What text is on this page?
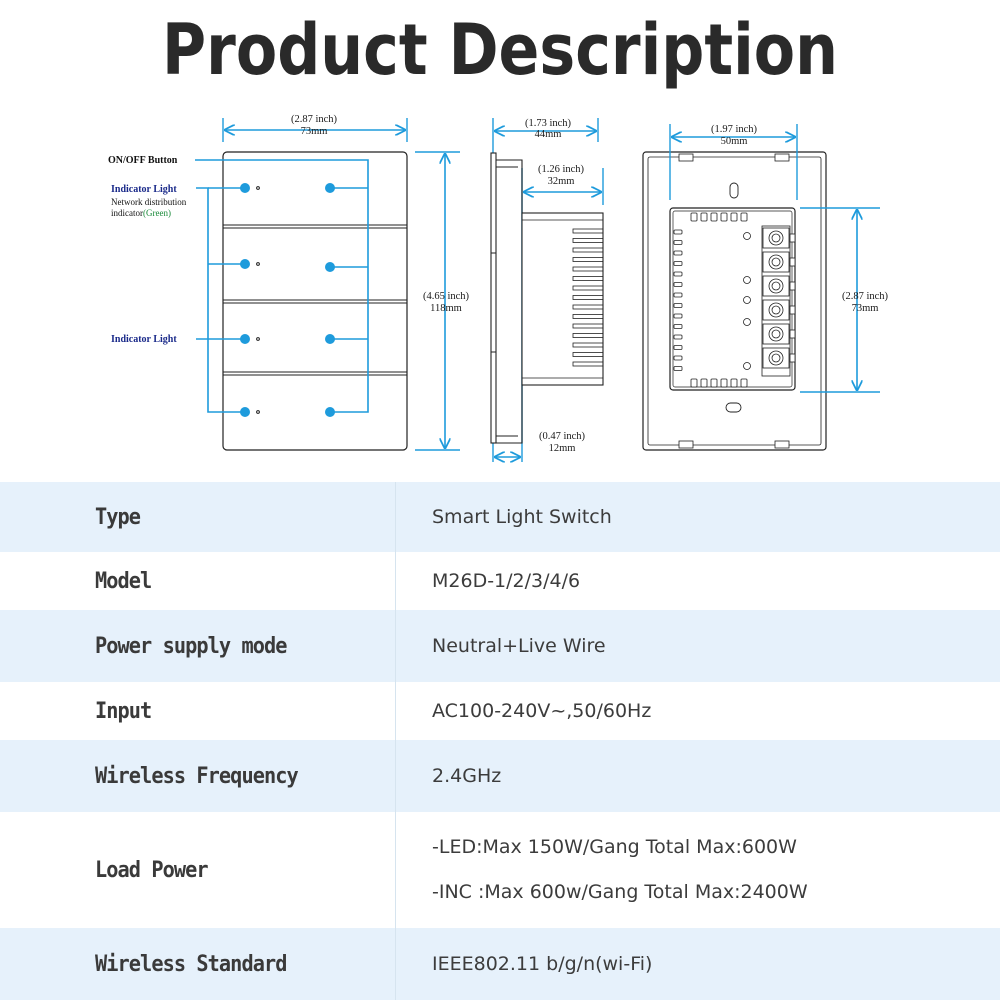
Product Description
ON/OFF Button
Indicator Light
Network distribution
indicator(Green)
Indicator Light
(2.87 inch)
73mm
(4.65 inch)
118mm
(1.73 inch)
44mm
(1.26 inch)
32mm
(0.47 inch)
12mm
(1.97 inch)
50mm
(2.87 inch)
73mm
Type	Smart Light Switch
Model	M26D-1/2/3/4/6
Power supply mode	Neutral+Live Wire
Input	AC100-240V~,50/60Hz
Wireless Frequency	2.4GHz
Load Power
-LED:Max 150W/Gang Total Max:600W
-INC :Max 600w/Gang Total Max:2400W
Wireless Standard	IEEE802.11 b/g/n(wi-Fi)
